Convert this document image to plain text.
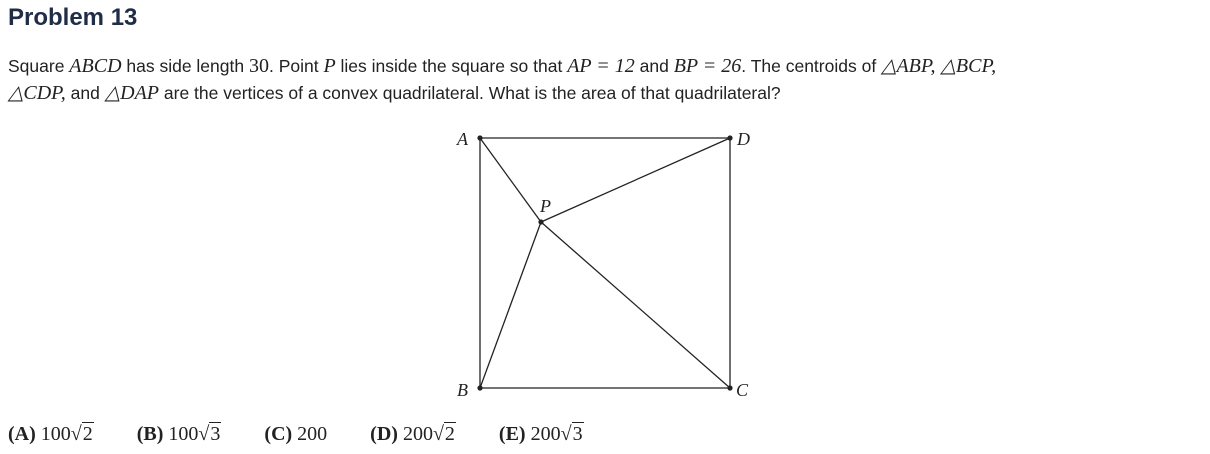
Problem 13
Square ABCD has side length 30. Point P lies inside the square so that AP = 12 and BP = 26. The centroids of △ABP, △BCP,
△CDP, and △DAP are the vertices of a convex quadrilateral. What is the area of that quadrilateral?
A
B	C
D
P
(A) 100√2 (B) 100√3 (C) 200 (D) 200√2 (E) 200√3
